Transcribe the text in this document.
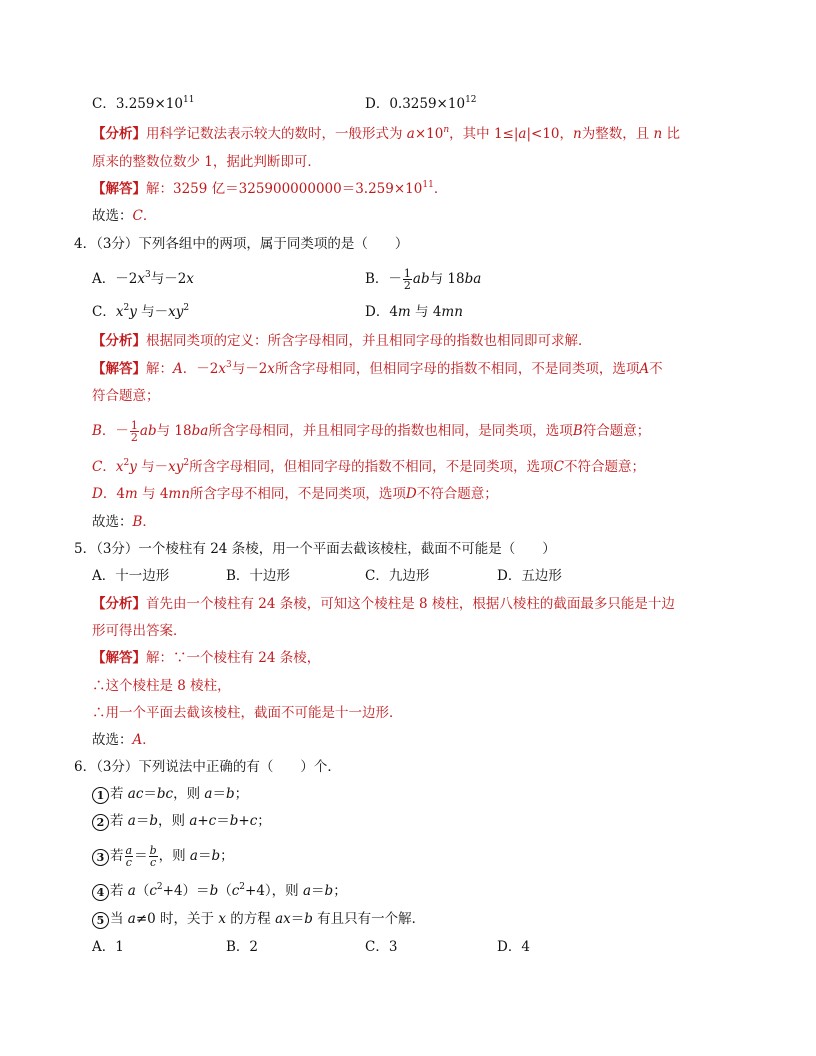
C．$3.259\times 10^{11}$	D．$0.3259\times 10^{12}$
【分析】用科学记数法表示较大的数时，一般形式为 $a\times 10^n$，其中 1≤|a|<10，n为整数，且 n 比
原来的整数位数少 1，据此判断即可．
【解答】解：3259 亿$=325900000000=3.259\times 10^{11}$．
故选：C．
4．（3分）下列各组中的两项，属于同类项的是（　　）
A．$-2x^3$与－2x	B．－ $\frac{1}{2}$ ab与 18ba
C．$x^2y$ 与$-xy^2$	D．4m 与 4mn
【分析】根据同类项的定义：所含字母相同，并且相同字母的指数也相同即可求解．
【解答】解：A．$-2x^3$与－2x所含字母相同，但相同字母的指数不相同，不是同类项，选项A不
符合题意；
B．－ $\frac{1}{2}$ ab与 18ba所含字母相同，并且相同字母的指数也相同，是同类项，选项B符合题意；
C．$x^2y$ 与$-xy^2$所含字母相同，但相同字母的指数不相同，不是同类项，选项C不符合题意；
D．4m 与 4mn所含字母不相同，不是同类项，选项D不符合题意；
故选：B．
5．（3分）一个棱柱有 24 条棱，用一个平面去截该棱柱，截面不可能是（　　）
A．十一边形	B．十边形	C．九边形	D．五边形
【分析】首先由一个棱柱有 24 条棱，可知这个棱柱是 8 棱柱，根据八棱柱的截面最多只能是十边
形可得出答案．
【解答】解：∵一个棱柱有 24 条棱，
∴这个棱柱是 8 棱柱，
∴用一个平面去截该棱柱，截面不可能是十一边形．
故选：A．
6．（3分）下列说法中正确的有（　　）个．
1 若 ac＝bc，则 a＝b；
2 若 a＝b，则 a+c＝b+c；
3 若 $\frac{a}{c} = \frac{b}{c}$ ，则 a＝b；
4 若 $a(c^2+4)=b(c^2+4)$，则 a＝b；
5 当 a≠0 时，关于 x 的方程 ax＝b 有且只有一个解．
A．1	B．2	C．3	D．4
